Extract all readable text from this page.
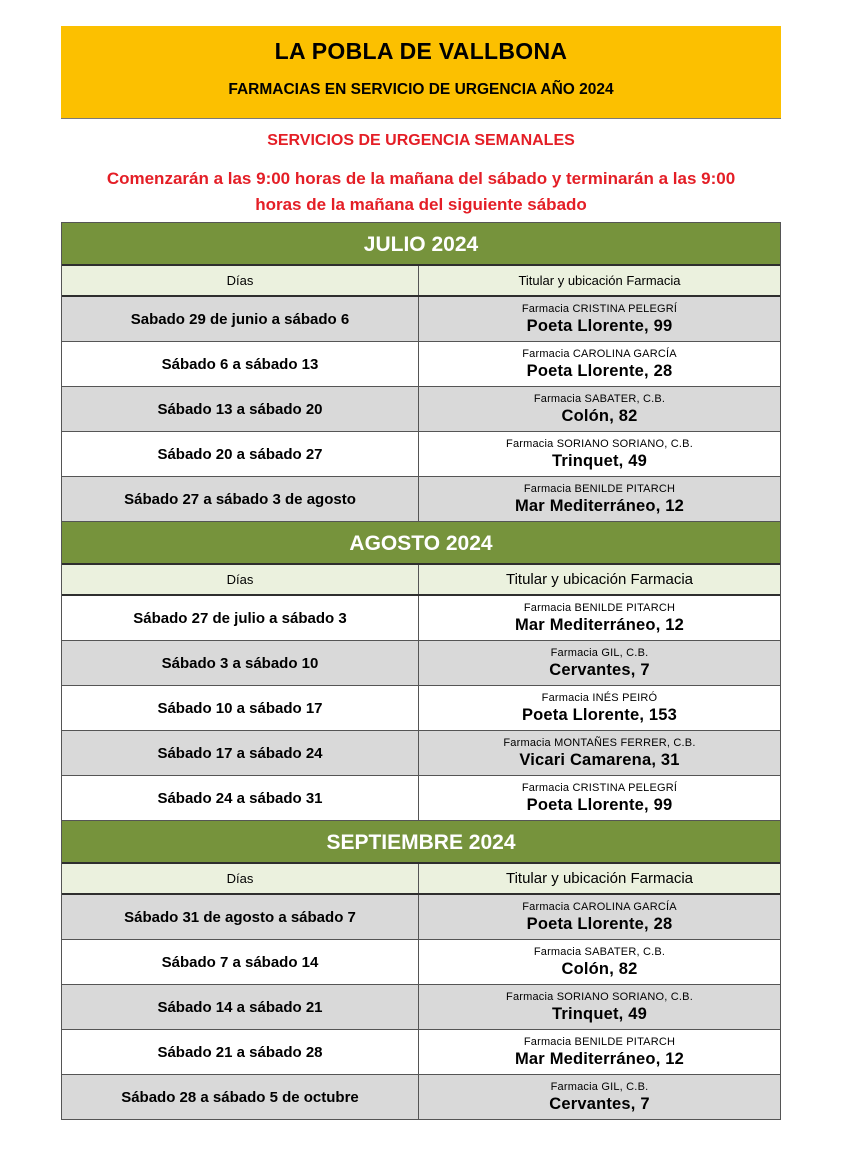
LA POBLA DE VALLBONA
FARMACIAS EN SERVICIO DE URGENCIA AÑO 2024
SERVICIOS DE URGENCIA SEMANALES
Comenzarán a las 9:00 horas de la mañana del sábado y terminarán a las 9:00
horas de la mañana del siguiente sábado
JULIO 2024
Días	Titular y ubicación Farmacia
Sabado 29 de junio a sábado 6
Farmacia CRISTINA PELEGRÍ
Poeta Llorente, 99
Sábado 6 a sábado 13
Farmacia CAROLINA GARCÍA
Poeta Llorente, 28
Sábado 13 a sábado 20
Farmacia SABATER, C.B.
Colón, 82
Sábado 20 a sábado 27
Farmacia SORIANO SORIANO, C.B.
Trinquet, 49
Sábado 27 a sábado 3 de agosto
Farmacia BENILDE PITARCH
Mar Mediterráneo, 12
AGOSTO 2024
Días	Titular y ubicación Farmacia
Sábado 27 de julio a sábado 3
Farmacia BENILDE PITARCH
Mar Mediterráneo, 12
Sábado 3 a sábado 10
Farmacia GIL, C.B.
Cervantes, 7
Sábado 10 a sábado 17
Farmacia INÉS PEIRÓ
Poeta Llorente, 153
Sábado 17 a sábado 24
Farmacia MONTAÑES FERRER, C.B.
Vicari Camarena, 31
Sábado 24 a sábado 31
Farmacia CRISTINA PELEGRÍ
Poeta Llorente, 99
SEPTIEMBRE 2024
Días	Titular y ubicación Farmacia
Sábado 31 de agosto a sábado 7
Farmacia CAROLINA GARCÍA
Poeta Llorente, 28
Sábado 7 a sábado 14
Farmacia SABATER, C.B.
Colón, 82
Sábado 14 a sábado 21
Farmacia SORIANO SORIANO, C.B.
Trinquet, 49
Sábado 21 a sábado 28
Farmacia BENILDE PITARCH
Mar Mediterráneo, 12
Sábado 28 a sábado 5 de octubre
Farmacia GIL, C.B.
Cervantes, 7
